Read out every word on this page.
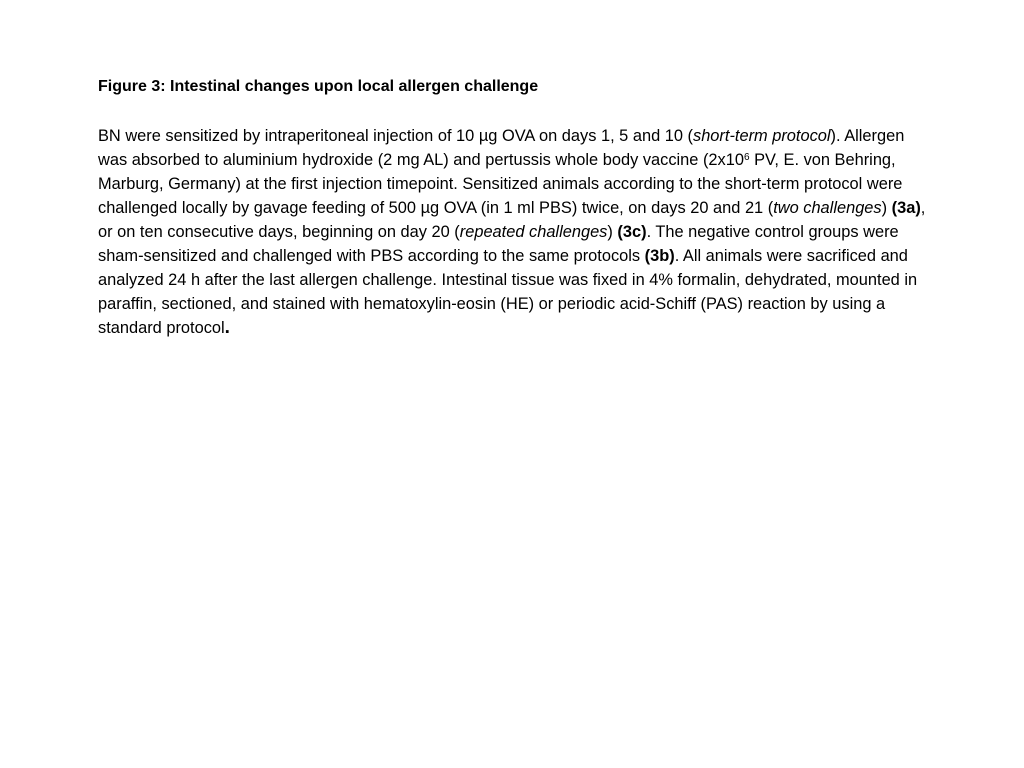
Figure 3: Intestinal changes upon local allergen challenge

BN were sensitized by intraperitoneal injection of 10 µg OVA on days 1, 5 and 10 (short-term protocol). Allergen was absorbed to aluminium hydroxide (2 mg AL) and pertussis whole body vaccine ($2x10^6$ PV, E. von Behring, Marburg, Germany) at the first injection timepoint. Sensitized animals according to the short-term protocol were challenged locally by gavage feeding of 500 µg OVA (in 1 ml PBS) twice, on days 20 and 21 (two challenges) (3a), or on ten consecutive days, beginning on day 20 (repeated challenges) (3c). The negative control groups were sham-sensitized and challenged with PBS according to the same protocols (3b). All animals were sacrificed and analyzed 24 h after the last allergen challenge. Intestinal tissue was fixed in 4% formalin, dehydrated, mounted in paraffin, sectioned, and stained with hematoxylin-eosin (HE) or periodic acid-Schiff (PAS) reaction by using a standard protocol.
